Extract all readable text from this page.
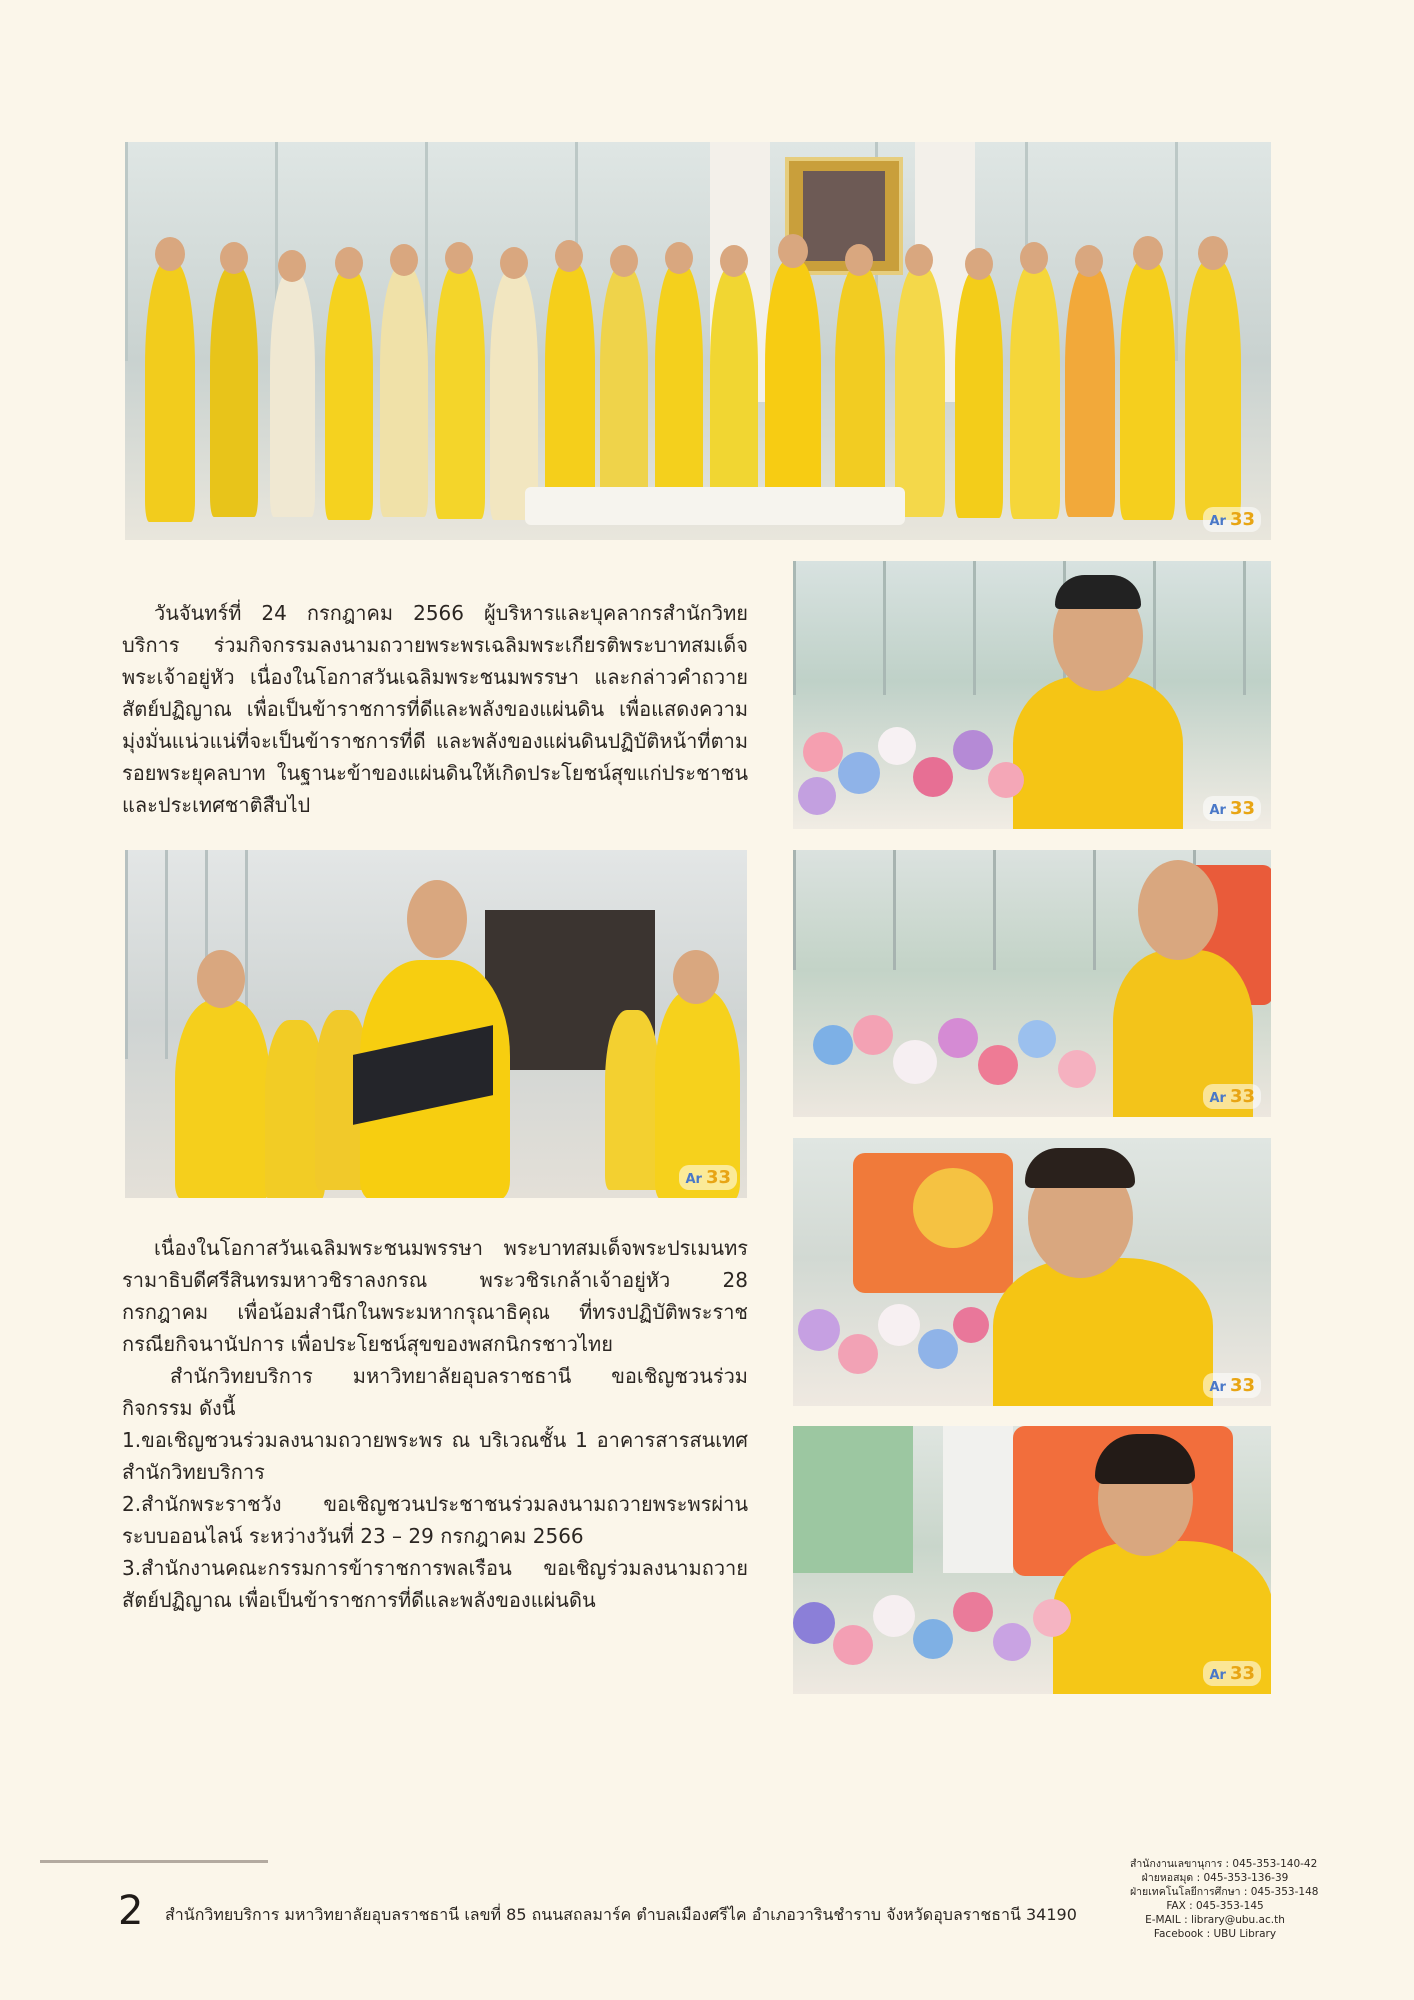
Ar 33
Ar 33
Ar 33
Ar 33
Ar 33
Ar 33

วันจันทร์ที่ 24 กรกฎาคม 2566 ผู้บริหารและบุคลากรสำนักวิทยบริการ ร่วมกิจกรรมลงนามถวายพระพรเฉลิมพระเกียรติพระบาทสมเด็จพระเจ้าอยู่หัว เนื่องในโอกาสวันเฉลิมพระชนมพรรษา และกล่าวคำถวายสัตย์ปฏิญาณ เพื่อเป็นข้าราชการที่ดีและพลังของแผ่นดิน เพื่อแสดงความมุ่งมั่นแน่วแน่ที่จะเป็นข้าราชการที่ดี และพลังของแผ่นดินปฏิบัติหน้าที่ตามรอยพระยุคลบาท ในฐานะข้าของแผ่นดินให้เกิดประโยชน์สุขแก่ประชาชนและประเทศชาติสืบไป

เนื่องในโอกาสวันเฉลิมพระชนมพรรษา พระบาทสมเด็จพระปรเมนทรรามาธิบดีศรีสินทรมหาวชิราลงกรณ พระวชิรเกล้าเจ้าอยู่หัว 28 กรกฎาคม เพื่อน้อมสำนึกในพระมหากรุณาธิคุณ ที่ทรงปฏิบัติพระราชกรณียกิจนานัปการ เพื่อประโยชน์สุขของพสกนิกรชาวไทย

สำนักวิทยบริการ มหาวิทยาลัยอุบลราชธานี ขอเชิญชวนร่วมกิจกรรม ดังนี้

1.ขอเชิญชวนร่วมลงนามถวายพระพร ณ บริเวณชั้น 1 อาคารสารสนเทศ สำนักวิทยบริการ

2.สำนักพระราชวัง ขอเชิญชวนประชาชนร่วมลงนามถวายพระพรผ่านระบบออนไลน์ ระหว่างวันที่ 23 – 29 กรกฎาคม 2566

3.สำนักงานคณะกรรมการข้าราชการพลเรือน ขอเชิญร่วมลงนามถวายสัตย์ปฏิญาณ เพื่อเป็นข้าราชการที่ดีและพลังของแผ่นดิน

2 สำนักวิทยบริการ มหาวิทยาลัยอุบลราชธานี เลขที่ 85 ถนนสถลมาร์ค ตำบลเมืองศรีไค อำเภอวารินชำราบ จังหวัดอุบลราชธานี 34190
สำนักงานเลขานุการ : 045-353-140-42
ฝ่ายหอสมุด : 045-353-136-39
ฝ่ายเทคโนโลยีการศึกษา : 045-353-148
FAX : 045-353-145
E-MAIL : library@ubu.ac.th
Facebook : UBU Library
